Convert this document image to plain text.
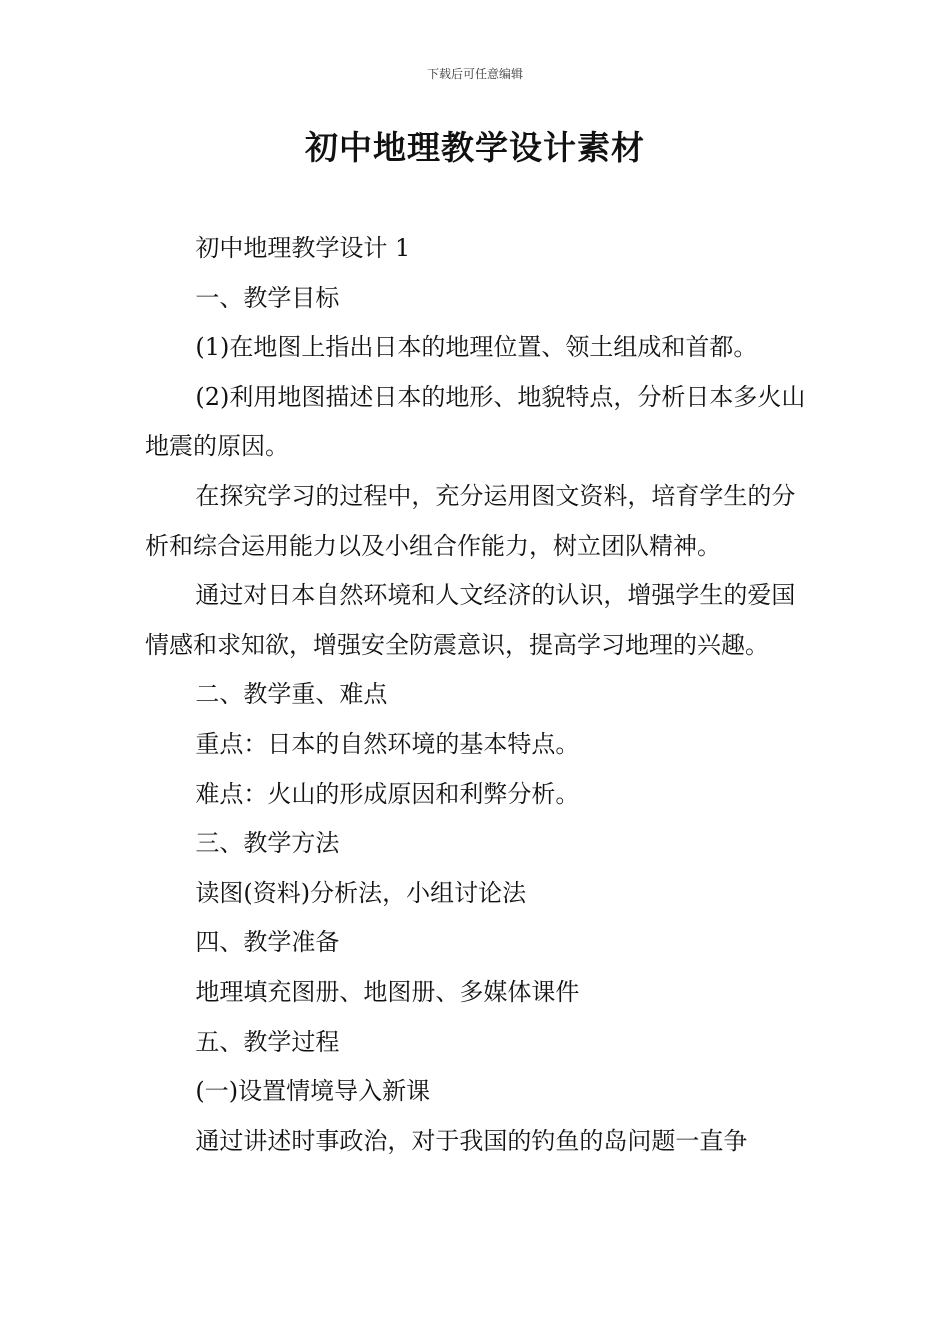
下载后可任意编辑
初中地理教学设计素材

初中地理教学设计 1

一、教学目标

(1)在地图上指出日本的地理位置、领土组成和首都。

(2)利用地图描述日本的地形、地貌特点，分析日本多火山地震的原因。

在探究学习的过程中，充分运用图文资料，培育学生的分析和综合运用能力以及小组合作能力，树立团队精神。

通过对日本自然环境和人文经济的认识，增强学生的爱国情感和求知欲，增强安全防震意识，提高学习地理的兴趣。

二、教学重、难点

重点：日本的自然环境的基本特点。

难点：火山的形成原因和利弊分析。

三、教学方法

读图(资料)分析法，小组讨论法

四、教学准备

地理填充图册、地图册、多媒体课件

五、教学过程

(一)设置情境导入新课

通过讲述时事政治，对于我国的钓鱼的岛问题一直争
